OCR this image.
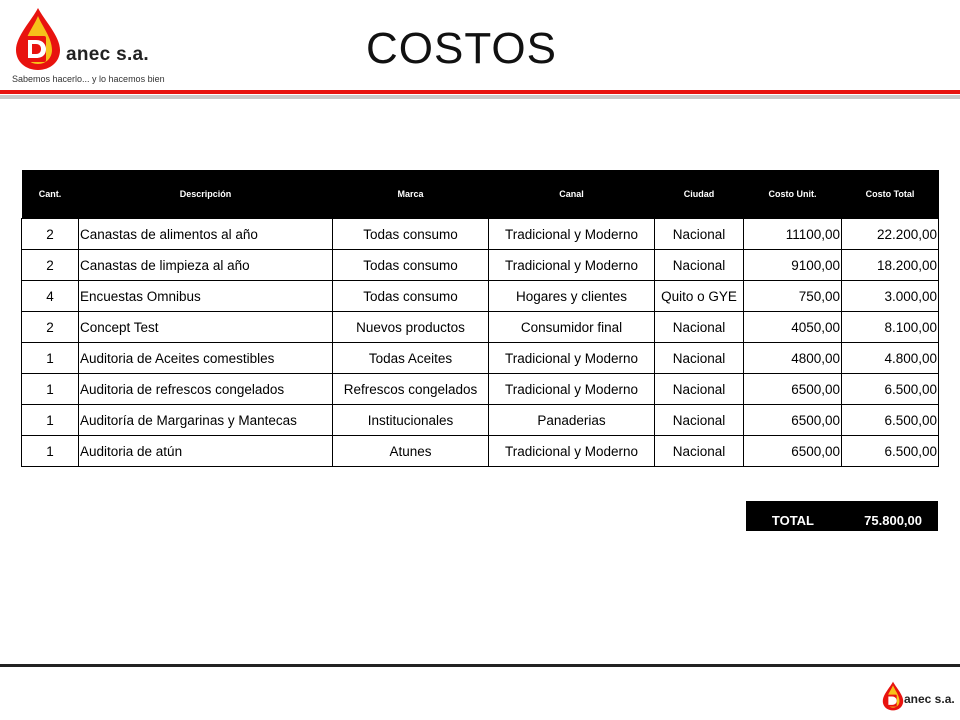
anec s.a.
Sabemos hacerlo... y lo hacemos bien
COSTOS
Cant.	Descripción	Marca	Canal	Ciudad	Costo Unit.	Costo Total
2	Canastas de alimentos al año	Todas consumo	Tradicional y Moderno	Nacional	11100,00	22.200,00
2	Canastas de limpieza al año	Todas consumo	Tradicional y Moderno	Nacional	9100,00	18.200,00
4	Encuestas Omnibus	Todas consumo	Hogares y clientes	Quito o GYE	750,00	3.000,00
2	Concept Test	Nuevos productos	Consumidor final	Nacional	4050,00	8.100,00
1	Auditoria de Aceites comestibles	Todas Aceites	Tradicional y Moderno	Nacional	4800,00	4.800,00
1	Auditoria de refrescos congelados	Refrescos congelados	Tradicional y Moderno	Nacional	6500,00	6.500,00
1	Auditoría de Margarinas y Mantecas	Institucionales	Panaderias	Nacional	6500,00	6.500,00
1	Auditoria de atún	Atunes	Tradicional y Moderno	Nacional	6500,00	6.500,00
TOTAL	75.800,00
anec s.a.
